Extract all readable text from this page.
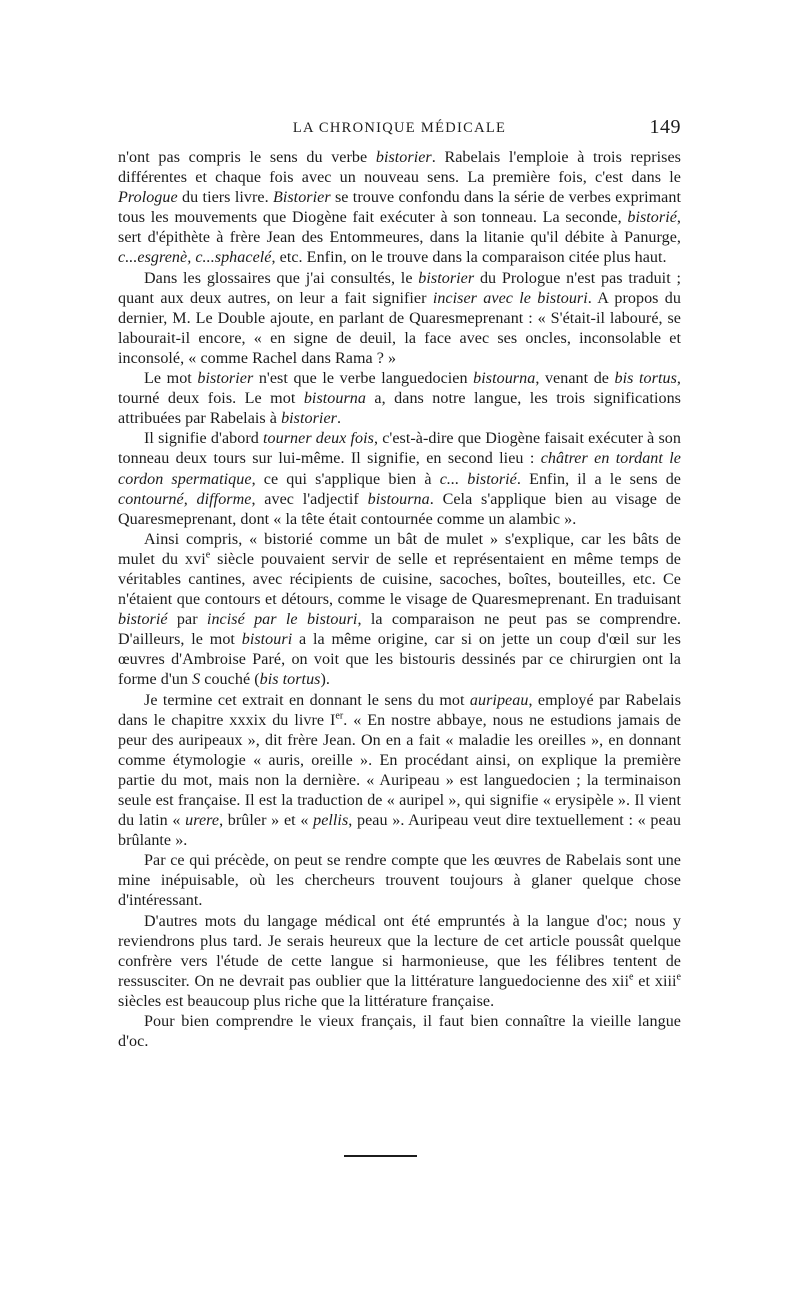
LA CHRONIQUE MÉDICALE	149

n'ont pas compris le sens du verbe bistorier. Rabelais l'emploie à trois reprises différentes et chaque fois avec un nouveau sens. La première fois, c'est dans le Prologue du tiers livre. Bistorier se trouve confondu dans la série de verbes exprimant tous les mouvements que Diogène fait exécuter à son tonneau. La seconde, bistorié, sert d'épithète à frère Jean des Entommeures, dans la litanie qu'il débite à Panurge, c...esgrenè, c...sphacelé, etc. Enfin, on le trouve dans la comparaison citée plus haut.

Dans les glossaires que j'ai consultés, le bistorier du Prologue n'est pas traduit ; quant aux deux autres, on leur a fait signifier inciser avec le bistouri. A propos du dernier, M. Le Double ajoute, en parlant de Quaresmeprenant : « S'était-il labouré, se labourait-il encore, « en signe de deuil, la face avec ses oncles, inconsolable et inconsolé, « comme Rachel dans Rama ? »

Le mot bistorier n'est que le verbe languedocien bistourna, venant de bis tortus, tourné deux fois. Le mot bistourna a, dans notre langue, les trois significations attribuées par Rabelais à bistorier.

Il signifie d'abord tourner deux fois, c'est-à-dire que Diogène faisait exécuter à son tonneau deux tours sur lui-même. Il signifie, en second lieu : châtrer en tordant le cordon spermatique, ce qui s'applique bien à c... bistorié. Enfin, il a le sens de contourné, difforme, avec l'adjectif bistourna. Cela s'applique bien au visage de Quaresmeprenant, dont « la tête était contournée comme un alambic ».

Ainsi compris, « bistorié comme un bât de mulet » s'explique, car les bâts de mulet du xvi$^e$ siècle pouvaient servir de selle et représentaient en même temps de véritables cantines, avec récipients de cuisine, sacoches, boîtes, bouteilles, etc. Ce n'étaient que contours et détours, comme le visage de Quaresmeprenant. En traduisant bistorié par incisé par le bistouri, la comparaison ne peut pas se comprendre. D'ailleurs, le mot bistouri a la même origine, car si on jette un coup d'œil sur les œuvres d'Ambroise Paré, on voit que les bistouris dessinés par ce chirurgien ont la forme d'un S couché (bis tortus).

Je termine cet extrait en donnant le sens du mot auripeau, employé par Rabelais dans le chapitre xxxix du livre Ier. « En nostre abbaye, nous ne estudions jamais de peur des auripeaux », dit frère Jean. On en a fait « maladie les oreilles », en donnant comme étymologie « auris, oreille ». En procédant ainsi, on explique la première partie du mot, mais non la dernière. « Auripeau » est languedocien ; la terminaison seule est française. Il est la traduction de « auripel », qui signifie « erysipèle ». Il vient du latin « urere, brûler » et « pellis, peau ». Auripeau veut dire textuellement : « peau brûlante ».

Par ce qui précède, on peut se rendre compte que les œuvres de Rabelais sont une mine inépuisable, où les chercheurs trouvent toujours à glaner quelque chose d'intéressant.

D'autres mots du langage médical ont été empruntés à la langue d'oc; nous y reviendrons plus tard. Je serais heureux que la lecture de cet article poussât quelque confrère vers l'étude de cette langue si harmonieuse, que les félibres tentent de ressusciter. On ne devrait pas oublier que la littérature languedocienne des xii$^e$ et xiii$^e$ siècles est beaucoup plus riche que la littérature française.

Pour bien comprendre le vieux français, il faut bien connaître la vieille langue d'oc.
